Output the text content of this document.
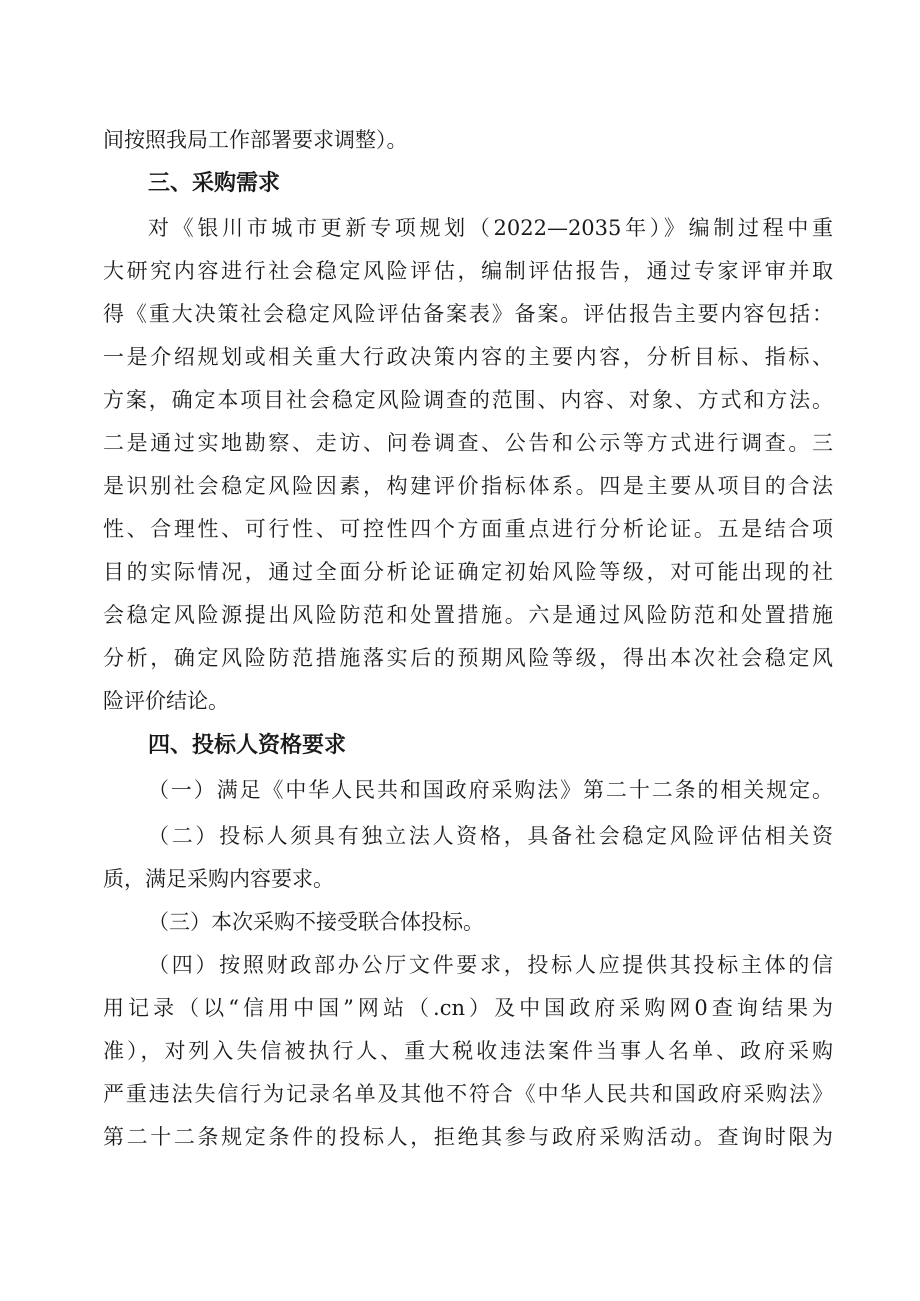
间按照我局工作部署要求调整）。
三、采购需求
对《银川市城市更新专项规划（2022—2035年）》编制过程中重
大研究内容进行社会稳定风险评估，编制评估报告，通过专家评审并取
得《重大决策社会稳定风险评估备案表》备案。评估报告主要内容包括：
一是介绍规划或相关重大行政决策内容的主要内容，分析目标、指标、
方案，确定本项目社会稳定风险调查的范围、内容、对象、方式和方法。
二是通过实地勘察、走访、问卷调查、公告和公示等方式进行调查。三
是识别社会稳定风险因素，构建评价指标体系。四是主要从项目的合法
性、合理性、可行性、可控性四个方面重点进行分析论证。五是结合项
目的实际情况，通过全面分析论证确定初始风险等级，对可能出现的社
会稳定风险源提出风险防范和处置措施。六是通过风险防范和处置措施
分析，确定风险防范措施落实后的预期风险等级，得出本次社会稳定风
险评价结论。
四、投标人资格要求
（一）满足《中华人民共和国政府采购法》第二十二条的相关规定。
（二）投标人须具有独立法人资格，具备社会稳定风险评估相关资
质，满足采购内容要求。
（三）本次采购不接受联合体投标。
（四）按照财政部办公厅文件要求，投标人应提供其投标主体的信
用记录（以“信用中国”网站（.cn）及中国政府采购网0查询结果为
准），对列入失信被执行人、重大税收违法案件当事人名单、政府采购
严重违法失信行为记录名单及其他不符合《中华人民共和国政府采购法》
第二十二条规定条件的投标人，拒绝其参与政府采购活动。查询时限为
